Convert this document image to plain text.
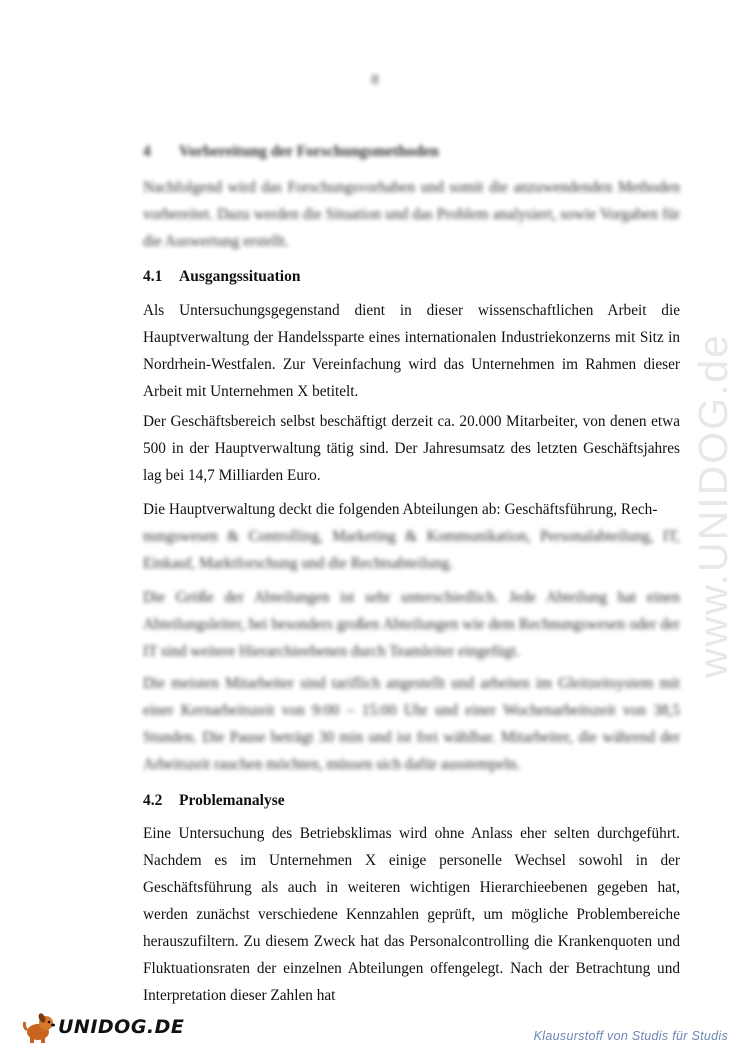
8
4 Vorbereitung der Forschungsmethoden

Nachfolgend wird das Forschungsvorhaben und somit die anzuwendenden Methoden vorbereitet. Dazu werden die Situation und das Problem analysiert, sowie Vorgaben für die Auswertung erstellt.

4.1 Ausgangssituation

Als Untersuchungsgegenstand dient in dieser wissenschaftlichen Arbeit die Hauptverwaltung der Handelssparte eines internationalen Industriekonzerns mit Sitz in Nordrhein-Westfalen. Zur Vereinfachung wird das Unternehmen im Rahmen dieser Arbeit mit Unternehmen X betitelt.

Der Geschäftsbereich selbst beschäftigt derzeit ca. 20.000 Mitarbeiter, von denen etwa 500 in der Hauptverwaltung tätig sind. Der Jahresumsatz des letzten Geschäftsjahres lag bei 14,7 Milliarden Euro.

Die Hauptverwaltung deckt die folgenden Abteilungen ab: Geschäftsführung, Rech-

nungswesen & Controlling, Marketing & Kommunikation, Personalabteilung, IT, Einkauf, Marktforschung und die Rechtsabteilung.

Die Größe der Abteilungen ist sehr unterschiedlich. Jede Abteilung hat einen Abteilungsleiter, bei besonders großen Abteilungen wie dem Rechnungswesen oder der IT sind weitere Hierarchieebenen durch Teamleiter eingefügt.

Die meisten Mitarbeiter sind tariflich angestellt und arbeiten im Gleitzeitsystem mit einer Kernarbeitszeit von 9:00 – 15:00 Uhr und einer Wochenarbeitszeit von 38,5 Stunden. Die Pause beträgt 30 min und ist frei wählbar. Mitarbeiter, die während der Arbeitszeit rauchen möchten, müssen sich dafür ausstempeln.

4.2 Problemanalyse

Eine Untersuchung des Betriebsklimas wird ohne Anlass eher selten durchgeführt. Nachdem es im Unternehmen X einige personelle Wechsel sowohl in der Geschäftsführung als auch in weiteren wichtigen Hierarchieebenen gegeben hat, werden zunächst verschiedene Kennzahlen geprüft, um mögliche Problembereiche herauszufiltern. Zu diesem Zweck hat das Personalcontrolling die Krankenquoten und Fluktuationsraten der einzelnen Abteilungen offengelegt. Nach der Betrachtung und Interpretation dieser Zahlen hat

www.UNIDOG.de
UNIDOG.DE	Klausurstoff von Studis für Studis
